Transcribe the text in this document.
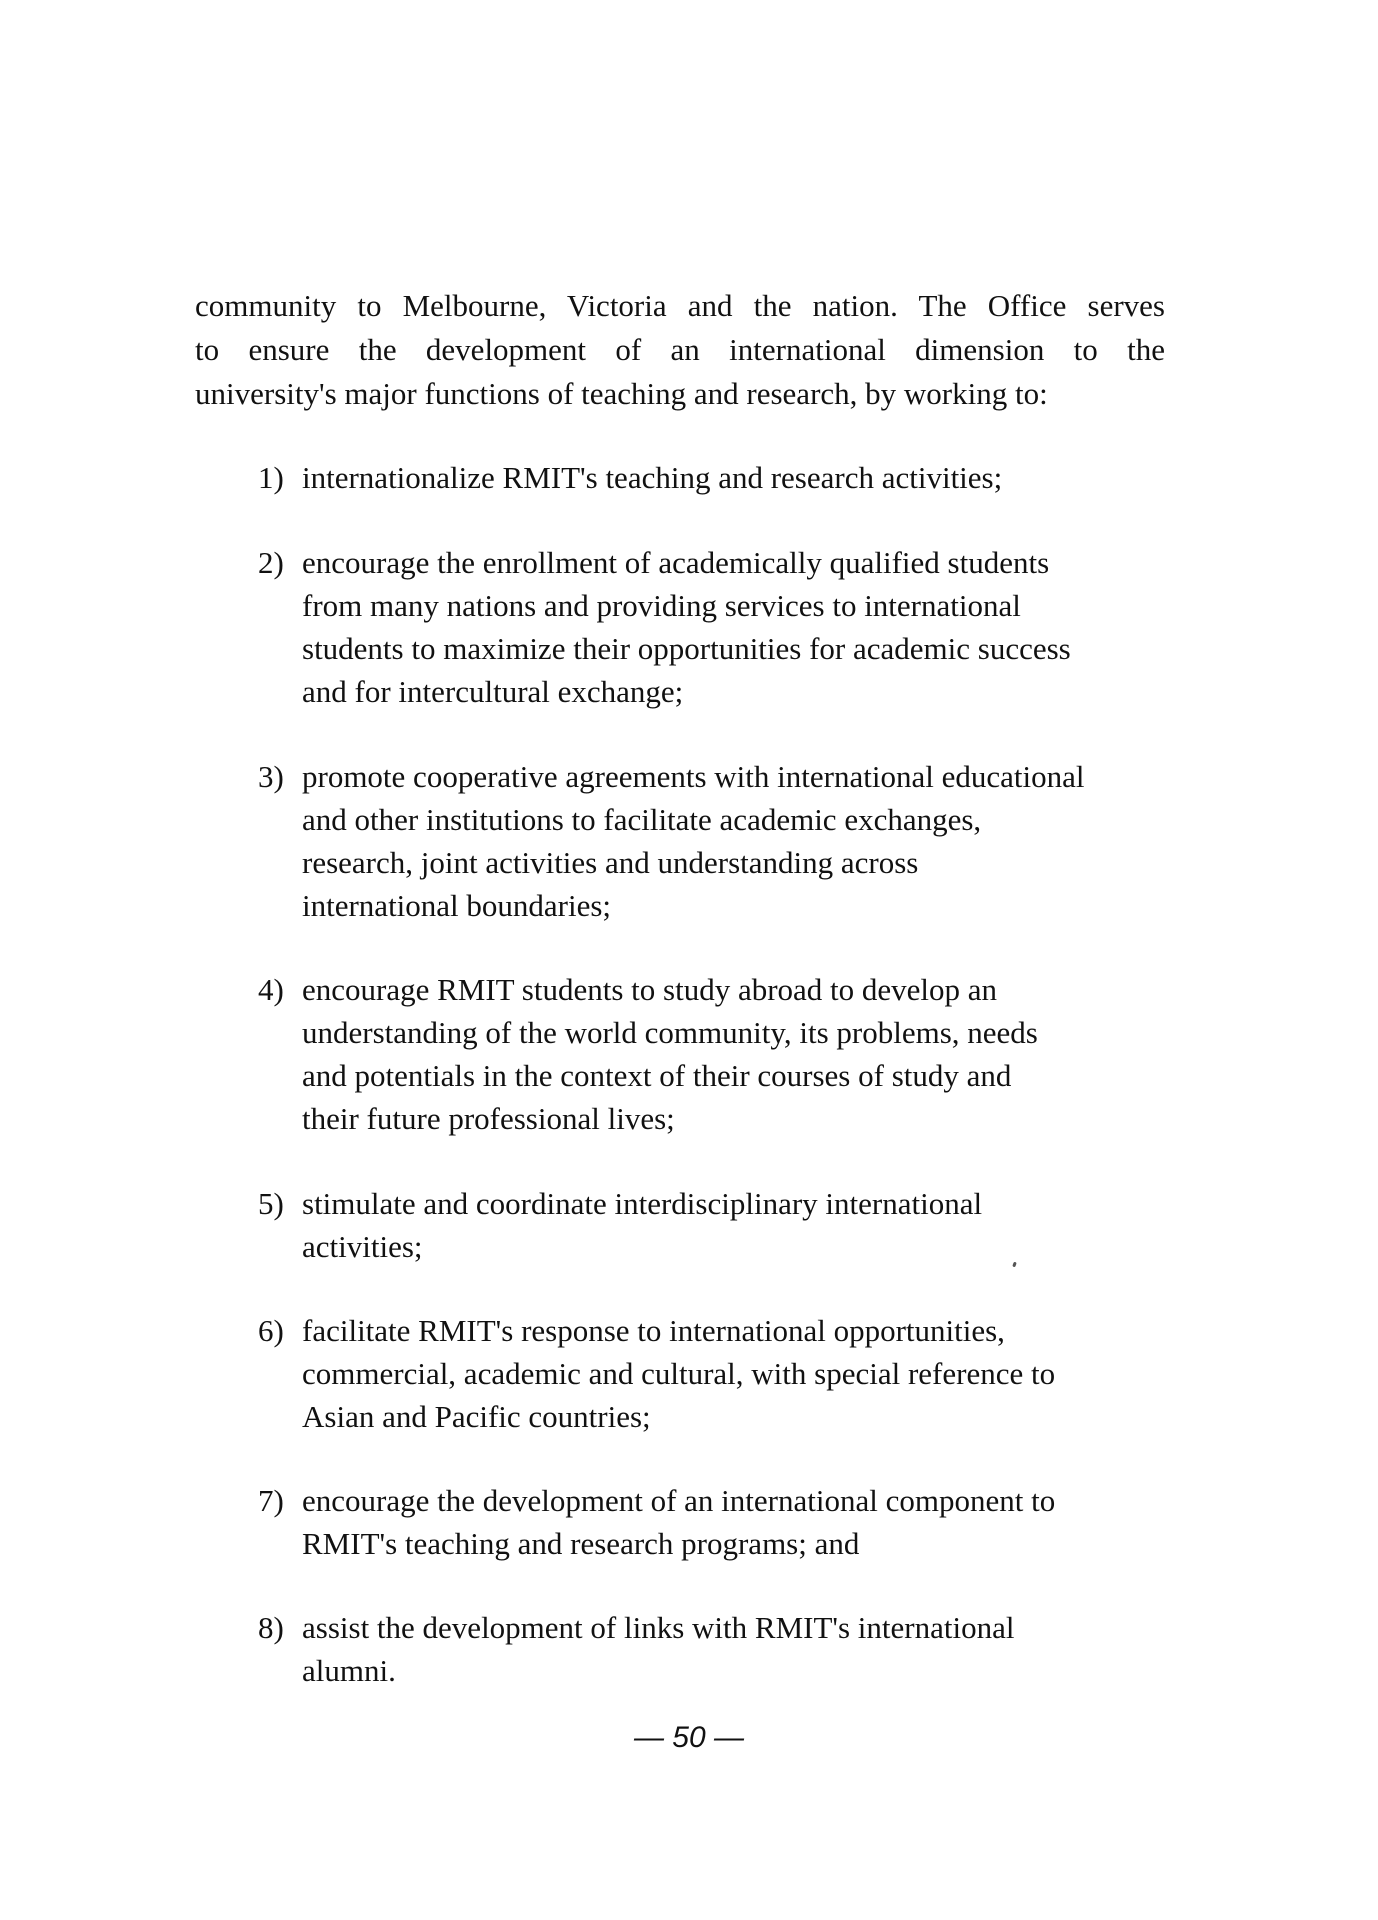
community to Melbourne, Victoria and the nation. The Office serves
to ensure the development of an international dimension to the
university's major functions of teaching and research, by working to:

1) internationalize RMIT's teaching and research activities;
2) encourage the enrollment of academically qualified students
from many nations and providing services to international
students to maximize their opportunities for academic success
and for intercultural exchange;
3) promote cooperative agreements with international educational
and other institutions to facilitate academic exchanges,
research, joint activities and understanding across
international boundaries;
4) encourage RMIT students to study abroad to develop an
understanding of the world community, its problems, needs
and potentials in the context of their courses of study and
their future professional lives;
5) stimulate and coordinate interdisciplinary international
activities;
6) facilitate RMIT's response to international opportunities,
commercial, academic and cultural, with special reference to
Asian and Pacific countries;
7) encourage the development of an international component to
RMIT's teaching and research programs; and
8) assist the development of links with RMIT's international
alumni.
— 50 —
